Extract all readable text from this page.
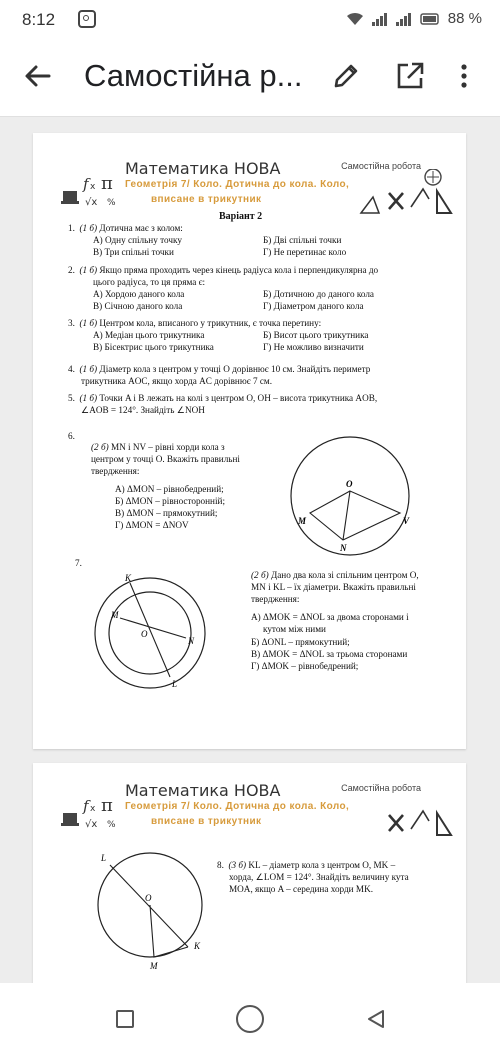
8:12	88 %
Самостійна р...
f x π
√x %
Математика НОВА
Геометрія 7/ Коло. Дотична до кола. Коло,
вписане в трикутник
Самостійна робота
Варіант 2
1. (1 б) Дотична має з колом:
А) Одну спільну точку	Б) Дві спільні точки
В) Три спільні точки	Г) Не перетинає коло
2. (1 б) Якщо пряма проходить через кінець радіуса кола і перпендикулярна до
цього радіуса, то ця пряма є:
А) Хордою даного кола	Б) Дотичною до даного кола
В) Січною даного кола	Г) Діаметром даного кола
3. (1 б) Центром кола, вписаного у трикутник, є точка перетину:
А) Медіан цього трикутника	Б) Висот цього трикутника
В) Бісектрис цього трикутника	Г) Не можливо визначити
4. (1 б) Діаметр кола з центром у точці O дорівнює 10 см. Знайдіть периметр
трикутника AOC, якщо хорда AC дорівнює 7 см.
5. (1 б) Точки A і B лежать на колі з центром O, OH – висота трикутника AOB,
∠AOB = 124°. Знайдіть ∠NOH
6.
(2 б) MN і NV – рівні хорди кола з
центром у точці O. Вкажіть правильні
твердження:
А) ΔMON – рівнобедрений;
Б) ΔMON – рівносторонній;
В) ΔMON – прямокутний;
Г) ΔMON = ΔNOV
O
M	V
N
7.
K
M
O
N
L
(2 б) Дано два кола зі спільним центром O,
MN і KL – їх діаметри. Вкажіть правильні
твердження:
А) ΔMOK = ΔNOL за двома сторонами і
кутом між ними
Б) ΔONL – прямокутний;
В) ΔMOK = ΔNOL за трьома сторонами
Г) ΔMOK – рівнобедрений;
f x π
√x %
Математика НОВА
Геометрія 7/ Коло. Дотична до кола. Коло,
вписане в трикутник
Самостійна робота
L
O
K
M
8. (3 б) KL – діаметр кола з центром O, MK –
хорда, ∠LOM = 124°. Знайдіть величину кута
MOA, якщо A – середина хорди MK.
